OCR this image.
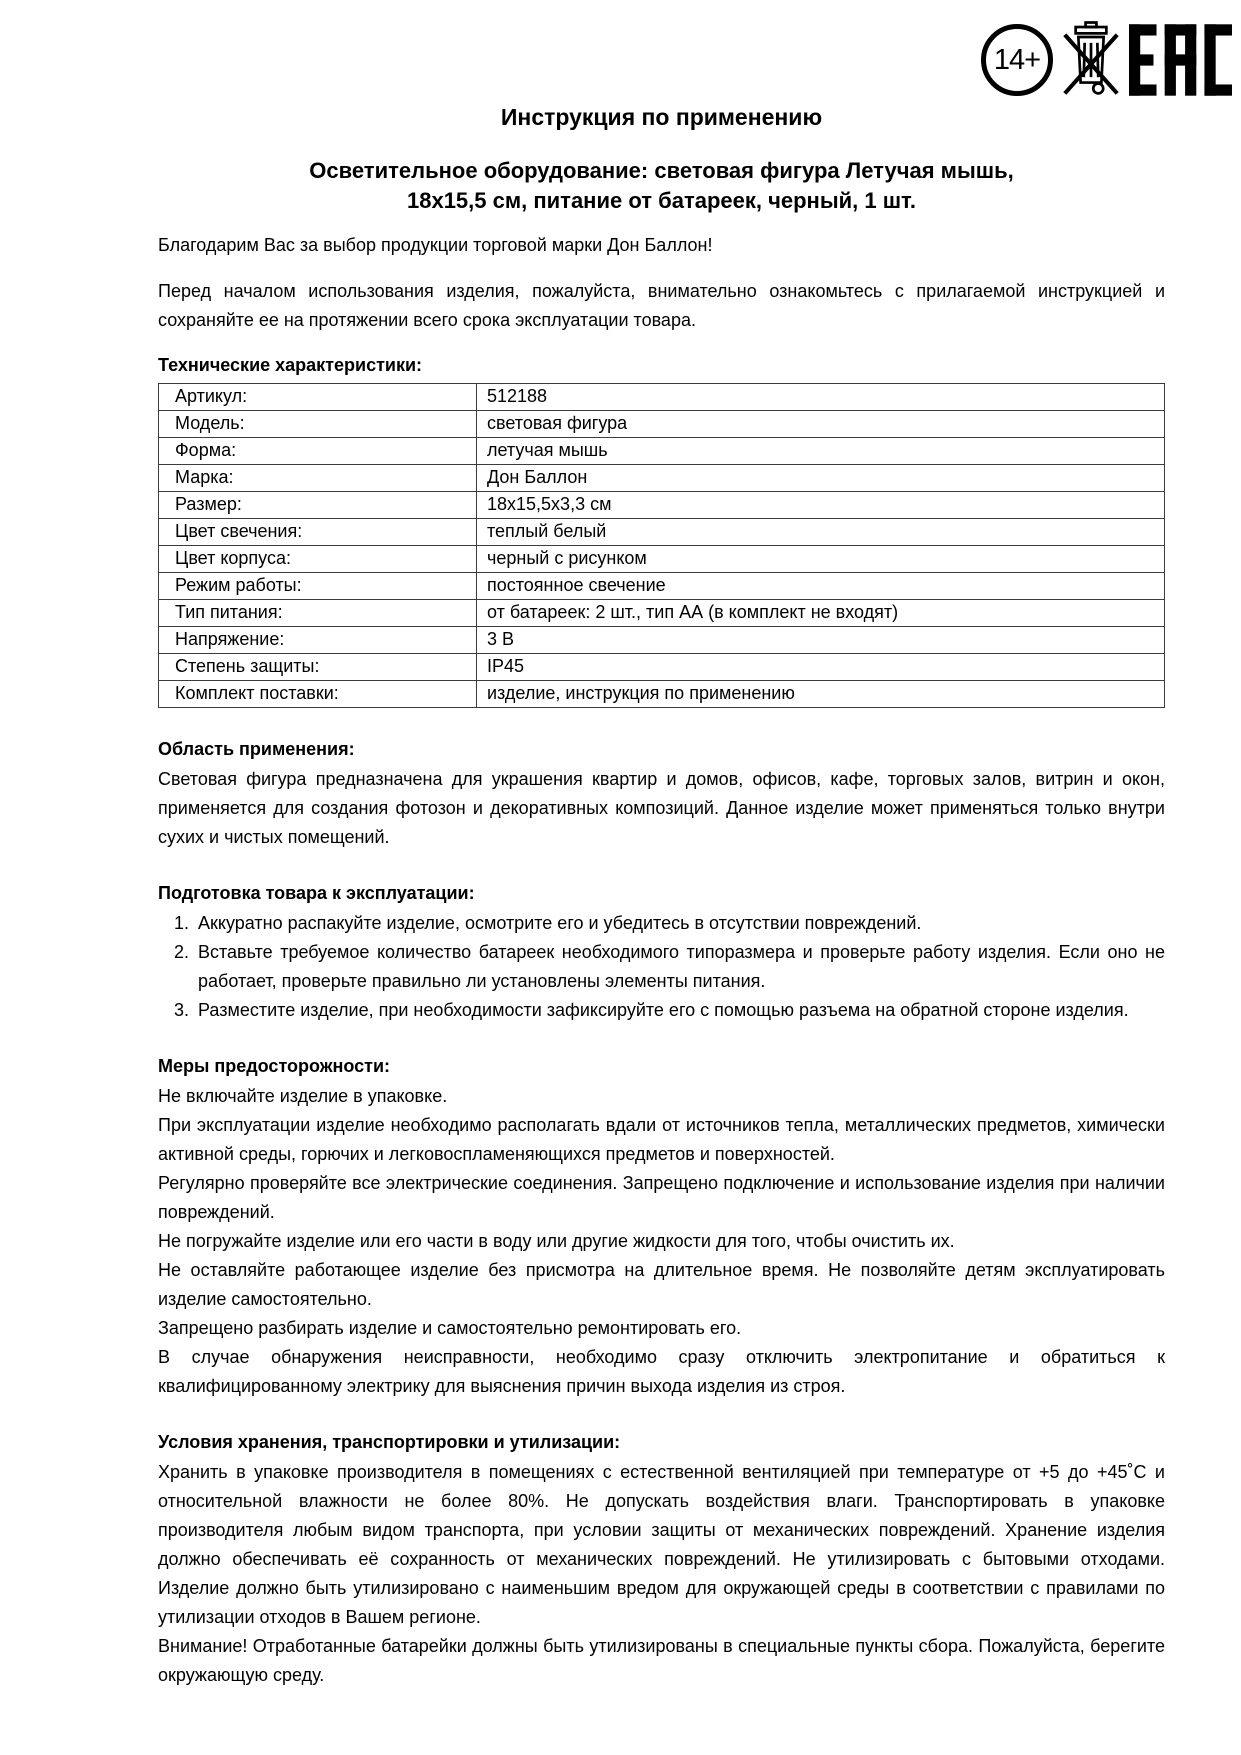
14+
Инструкция по применению
Осветительное оборудование: световая фигура Летучая мышь,
18х15,5 см, питание от батареек, черный, 1 шт.

Благодарим Вас за выбор продукции торговой марки Дон Баллон!

Перед началом использования изделия, пожалуйста, внимательно ознакомьтесь с прилагаемой инструкцией и сохраняйте ее на протяжении всего срока эксплуатации товара.

Технические характеристики:
Артикул:	512188
Модель:	световая фигура
Форма:	летучая мышь
Марка:	Дон Баллон
Размер:	18х15,5х3,3 см
Цвет свечения:	теплый белый
Цвет корпуса:	черный с рисунком
Режим работы:	постоянное свечение
Тип питания:	от батареек: 2 шт., тип АА (в комплект не входят)
Напряжение:	3 В
Степень защиты:	IP45
Комплект поставки:	изделие, инструкция по применению
Область применения:

Световая фигура предназначена для украшения квартир и домов, офисов, кафе, торговых залов, витрин и окон, применяется для создания фотозон и декоративных композиций. Данное изделие может применяться только внутри сухих и чистых помещений.

Подготовка товара к эксплуатации:
1. Аккуратно распакуйте изделие, осмотрите его и убедитесь в отсутствии повреждений.
2. Вставьте требуемое количество батареек необходимого типоразмера и проверьте работу изделия. Если оно не работает, проверьте правильно ли установлены элементы питания.
3. Разместите изделие, при необходимости зафиксируйте его с помощью разъема на обратной стороне изделия.
Меры предосторожности:

Не включайте изделие в упаковке.

При эксплуатации изделие необходимо располагать вдали от источников тепла, металлических предметов, химически активной среды, горючих и легковоспламеняющихся предметов и поверхностей.

Регулярно проверяйте все электрические соединения. Запрещено подключение и использование изделия при наличии повреждений.

Не погружайте изделие или его части в воду или другие жидкости для того, чтобы очистить их.

Не оставляйте работающее изделие без присмотра на длительное время. Не позволяйте детям эксплуатировать изделие самостоятельно.

Запрещено разбирать изделие и самостоятельно ремонтировать его.

В случае обнаружения неисправности, необходимо сразу отключить электропитание и обратиться к квалифицированному электрику для выяснения причин выхода изделия из строя.

Условия хранения, транспортировки и утилизации:

Хранить в упаковке производителя в помещениях с естественной вентиляцией при температуре от +5 до +45˚С и относительной влажности не более 80%. Не допускать воздействия влаги. Транспортировать в упаковке производителя любым видом транспорта, при условии защиты от механических повреждений. Хранение изделия должно обеспечивать её сохранность от механических повреждений. Не утилизировать с бытовыми отходами. Изделие должно быть утилизировано с наименьшим вредом для окружающей среды в соответствии с правилами по утилизации отходов в Вашем регионе.

Внимание! Отработанные батарейки должны быть утилизированы в специальные пункты сбора. Пожалуйста, берегите окружающую среду.
